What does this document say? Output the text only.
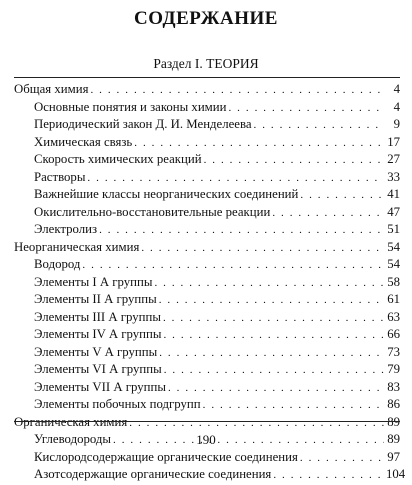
СОДЕРЖАНИЕ
Раздел I. ТЕОРИЯ
Общая химия . . .	4
Основные понятия и законы химии . . .	4
Периодический закон Д. И. Менделеева . . .	9
Химическая связь . . .	17
Скорость химических реакций . . .	27
Растворы . . .	33
Важнейшие классы неорганических соединений . . .	41
Окислительно-восстановительные реакции . . .	47
Электролиз . . .	51
Неорганическая химия . . .	54
Водород . . .	54
Элементы I А группы . . .	58
Элементы II А группы . . .	61
Элементы III А группы . . .	63
Элементы IV А группы . . .	66
Элементы V А группы . . .	73
Элементы VI А группы . . .	79
Элементы VII А группы . . .	83
Элементы побочных подгрупп . . .	86
Органическая химия . . .	89
Углеводороды . . .	89
Кислородсодержащие органические соединения . . .	97
Азотсодержащие органические соединения . . .	104
190
